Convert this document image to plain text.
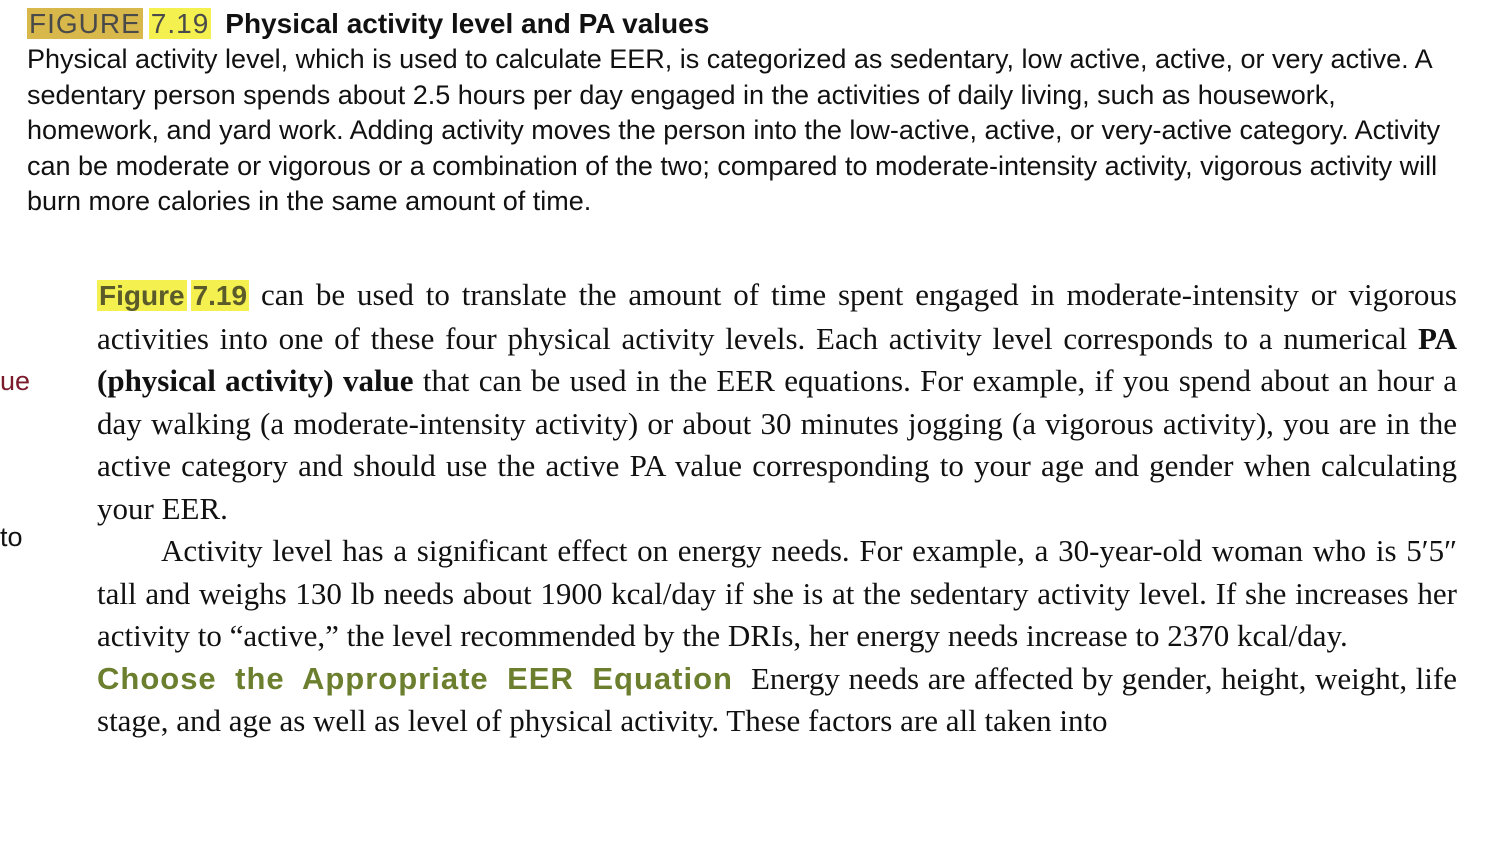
FIGURE 7.19 Physical activity level and PA values
Physical activity level, which is used to calculate EER, is categorized as sedentary, low active, active, or very active. A sedentary person spends about 2.5 hours per day engaged in the activities of daily living, such as housework, homework, and yard work. Adding activity moves the person into the low-active, active, or very-active category. Activity can be moderate or vigorous or a combination of the two; compared to moderate-intensity activity, vigorous activity will burn more calories in the same amount of time.
ue
to

Figure 7.19 can be used to translate the amount of time spent engaged in moderate-intensity or vigorous activities into one of these four physical activity levels. Each activity level corresponds to a numerical PA (physical activity) value that can be used in the EER equations. For example, if you spend about an hour a day walking (a moderate-intensity activity) or about 30 minutes jogging (a vigorous activity), you are in the active category and should use the active PA value corresponding to your age and gender when calculating your EER.

Activity level has a significant effect on energy needs. For example, a 30-year-old woman who is 5′5″ tall and weighs 130 lb needs about 1900 kcal/day if she is at the sedentary activity level. If she increases her activity to “active,” the level recommended by the DRIs, her energy needs increase to 2370 kcal/day.

Choose the Appropriate EER Equation Energy needs are affected by gender, height, weight, life stage, and age as well as level of physical activity. These factors are all taken into
